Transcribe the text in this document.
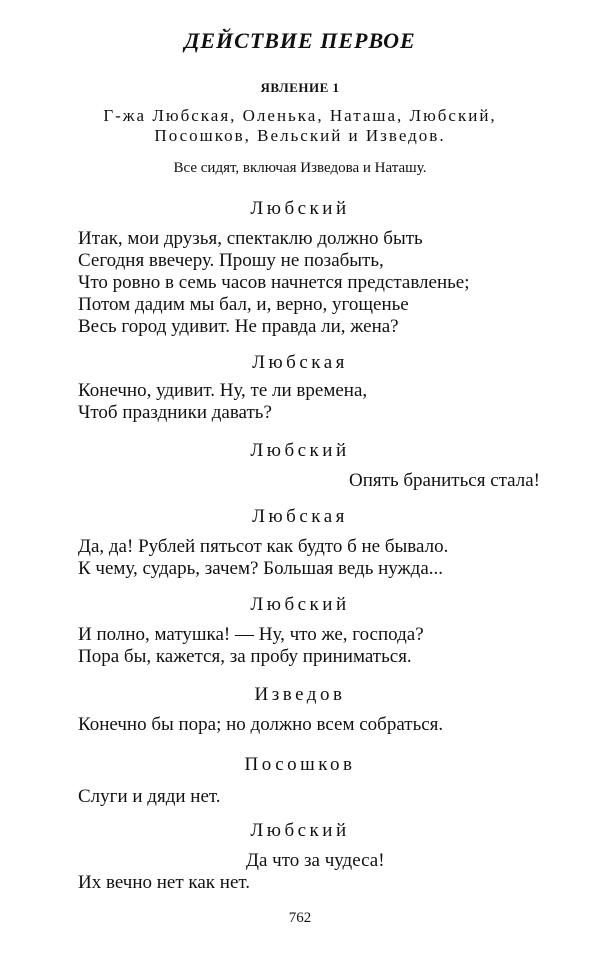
ДЕЙСТВИЕ ПЕРВОЕ
ЯВЛЕНИЕ 1
Г-жа Любская, Оленька, Наташа, Любский,
Посошков, Вельский и Изведов.
Все сидят, включая Изведова и Наташу.
Любский
Итак, мои друзья, спектаклю должно быть
Сегодня ввечеру. Прошу не позабыть,
Что ровно в семь часов начнется представленье;
Потом дадим мы бал, и, верно, угощенье
Весь город удивит. Не правда ли, жена?
Любская
Конечно, удивит. Ну, те ли времена,
Чтоб праздники давать?
Любский
Опять браниться стала!
Любская
Да, да! Рублей пятьсот как будто б не бывало.
К чему, сударь, зачем? Большая ведь нужда...
Любский
И полно, матушка! — Ну, что же, господа?
Пора бы, кажется, за пробу приниматься.
Изведов
Конечно бы пора; но должно всем собраться.
Посошков
Слуги и дяди нет.
Любский
Да что за чудеса!
Их вечно нет как нет.
762
